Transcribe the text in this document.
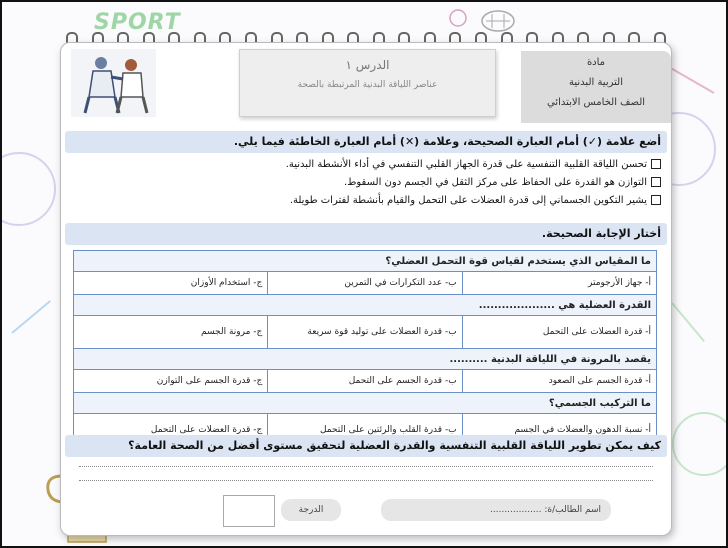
SPORT
مادة
التربية البدنية
الصف الخامس الابتدائي
الدرس ١
عناصر اللياقة البدنية المرتبطة بالصحة
أضع علامة (✓) أمام العبارة الصحيحة، وعلامة (✕) أمام العبارة الخاطئة فيما يلي.
تحسن اللياقة القلبية التنفسية على قدرة الجهاز القلبي التنفسي في أداء الأنشطة البدنية.
التوازن هو القدرة على الحفاظ على مركز الثقل في الجسم دون السقوط.
يشير التكوين الجسماني إلى قدرة العضلات على التحمل والقيام بأنشطة لفترات طويلة.
أختار الإجابة الصحيحة.
ما المقياس الذي يستخدم لقياس قوة التحمل العضلي؟		
أ- جهاز الأرجومتر	ب- عدد التكرارات في التمرين	ج- استخدام الأوزان
القدرة العضلية هي ....................		
أ- قدرة العضلات على التحمل	ب- قدرة العضلات على توليد قوة سريعة	ج- مرونة الجسم
يقصد بالمرونة في اللياقة البدنية ..........		
أ- قدرة الجسم على الصعود	ب- قدرة الجسم على التحمل	ج- قدرة الجسم على التوازن
ما التركيب الجسمي؟		
أ- نسبة الدهون والعضلات في الجسم	ب- قدرة القلب والرئتين على التحمل	ج- قدرة العضلات على التحمل
كيف يمكن تطوير اللياقة القلبية التنفسية والقدرة العضلية لتحقيق مستوى أفضل من الصحة العامة؟
اسم الطالب/ة: ..................
الدرجة
